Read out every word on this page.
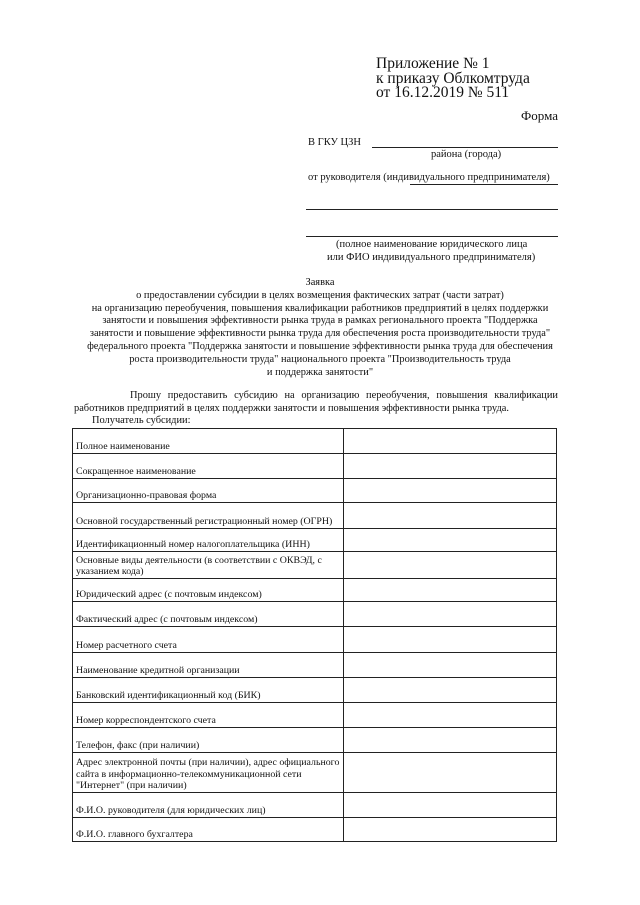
Приложение № 1
к приказу Облкомтруда
от 16.12.2019 № 511
Форма
В ГКУ ЦЗН
района (города)
от руководителя (индивидуального предпринимателя)
(полное наименование юридического лица
или ФИО индивидуального предпринимателя)
Заявка
о предоставлении субсидии в целях возмещения фактических затрат (части затрат)
на организацию переобучения, повышения квалификации работников предприятий в целях поддержки
занятости и повышения эффективности рынка труда в рамках регионального проекта "Поддержка
занятости и повышение эффективности рынка труда для обеспечения роста производительности труда"
федерального проекта "Поддержка занятости и повышение эффективности рынка труда для обеспечения
роста производительности труда" национального проекта "Производительность труда
и поддержка занятости"

Прошу предоставить субсидию на организацию переобучения, повышения квалификации работников предприятий в целях поддержки занятости и повышения эффективности рынка труда.

Получатель субсидии:

Полное наименование	
Сокращенное наименование	
Организационно-правовая форма	
Основной государственный регистрационный номер (ОГРН)	
Идентификационный номер налогоплательщика (ИНН)	
Основные виды деятельности (в соответствии с ОКВЭД, с указанием кода)	
Юридический адрес (с почтовым индексом)	
Фактический адрес (с почтовым индексом)	
Номер расчетного счета	
Наименование кредитной организации	
Банковский идентификационный код (БИК)	
Номер корреспондентского счета	
Телефон, факс (при наличии)	
Адрес электронной почты (при наличии), адрес официального сайта в информационно-телекоммуникационной сети "Интернет" (при наличии)	
Ф.И.О. руководителя (для юридических лиц)	
Ф.И.О. главного бухгалтера	
